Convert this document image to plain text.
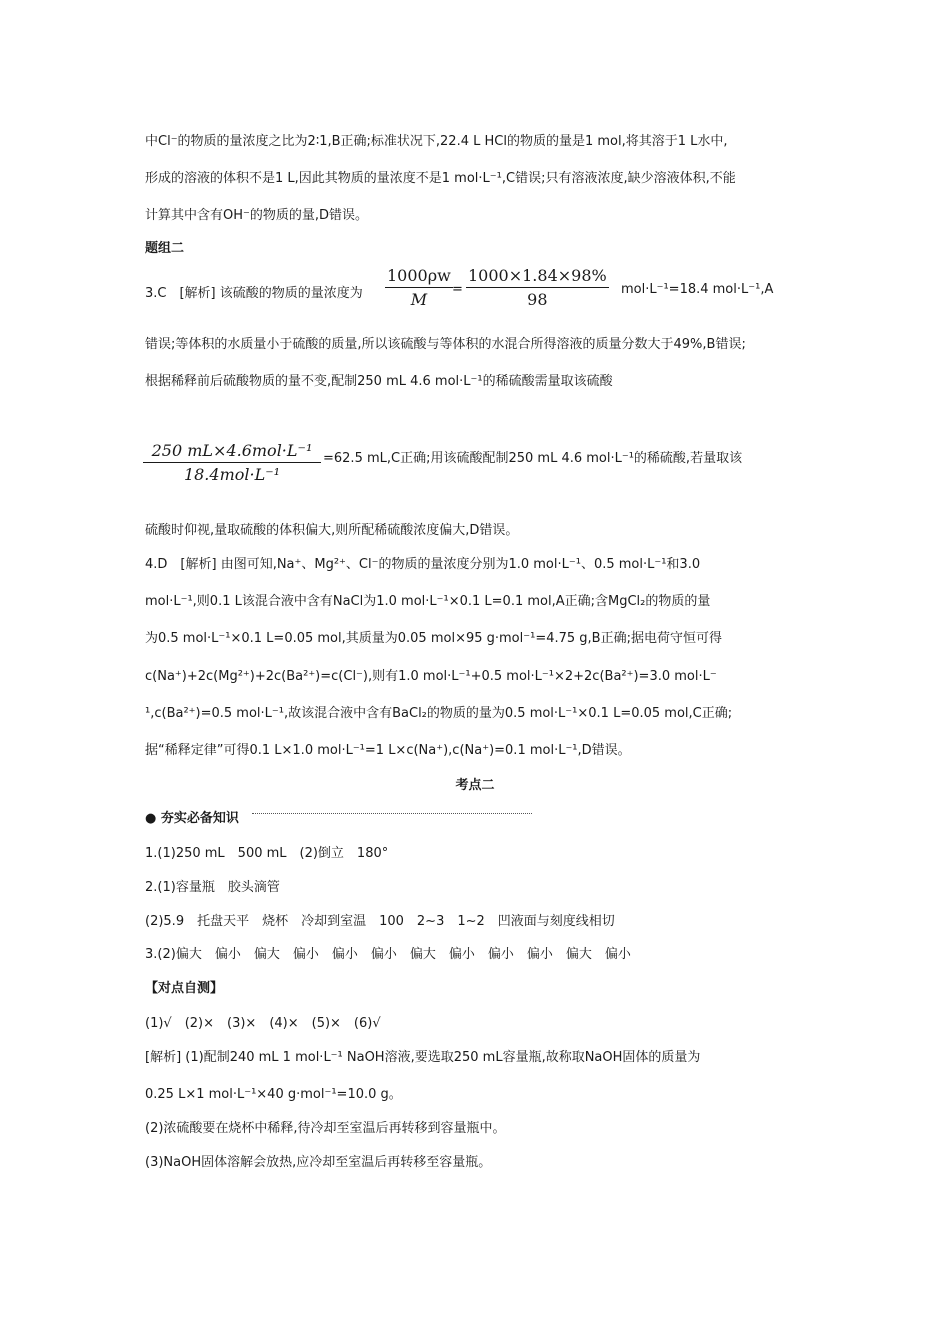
中Cl⁻的物质的量浓度之比为2∶1,B正确;标准状况下,22.4 L HCl的物质的量是1 mol,将其溶于1 L水中,
形成的溶液的体积不是1 L,因此其物质的量浓度不是1 mol·L⁻¹,C错误;只有溶液浓度,缺少溶液体积,不能
计算其中含有OH⁻的物质的量,D错误。
题组二
3.C　[解析] 该硫酸的物质的量浓度为 $\frac{1000\rho w}{M} = \frac{1000\times 1.84\times 98\%}{98} mol\cdot L^{-1}=18.4$ mol·L⁻¹,A
错误;等体积的水质量小于硫酸的质量,所以该硫酸与等体积的水混合所得溶液的质量分数大于49%,B错误;
根据稀释前后硫酸物质的量不变,配制250 mL 4.6 mol·L⁻¹的稀硫酸需量取该硫酸
250 mL×4.6mol·L⁻¹
18.4mol·L⁻¹
=62.5 mL,C正确;用该硫酸配制250 mL 4.6 mol·L⁻¹的稀硫酸,若量取该
硫酸时仰视,量取硫酸的体积偏大,则所配稀硫酸浓度偏大,D错误。
4.D　[解析] 由图可知,Na⁺、Mg²⁺、Cl⁻的物质的量浓度分别为1.0 mol·L⁻¹、0.5 mol·L⁻¹和3.0
mol·L⁻¹,则0.1 L该混合液中含有NaCl为1.0 mol·L⁻¹×0.1 L=0.1 mol,A正确;含MgCl₂的物质的量
为0.5 mol·L⁻¹×0.1 L=0.05 mol,其质量为0.05 mol×95 g·mol⁻¹=4.75 g,B正确;据电荷守恒可得
c(Na⁺)+2c(Mg²⁺)+2c(Ba²⁺)=c(Cl⁻),则有1.0 mol·L⁻¹+0.5 mol·L⁻¹×2+2c(Ba²⁺)=3.0 mol·L⁻
¹,c(Ba²⁺)=0.5 mol·L⁻¹,故该混合液中含有BaCl₂的物质的量为0.5 mol·L⁻¹×0.1 L=0.05 mol,C正确;
据“稀释定律”可得0.1 L×1.0 mol·L⁻¹=1 L×c(Na⁺),c(Na⁺)=0.1 mol·L⁻¹,D错误。
考点二
● 夯实必备知识
1.(1)250 mL　500 mL　(2)倒立　180°
2.(1)容量瓶　胶头滴管
(2)5.9　托盘天平　烧杯　冷却到室温　100　2~3　1~2　凹液面与刻度线相切
3.(2)偏大　偏小　偏大　偏小　偏小　偏小　偏大　偏小　偏小　偏小　偏大　偏小
【对点自测】
(1)√　(2)×　(3)×　(4)×　(5)×　(6)√
[解析] (1)配制240 mL 1 mol·L⁻¹ NaOH溶液,要选取250 mL容量瓶,故称取NaOH固体的质量为
0.25 L×1 mol·L⁻¹×40 g·mol⁻¹=10.0 g。
(2)浓硫酸要在烧杯中稀释,待冷却至室温后再转移到容量瓶中。
(3)NaOH固体溶解会放热,应冷却至室温后再转移至容量瓶。
